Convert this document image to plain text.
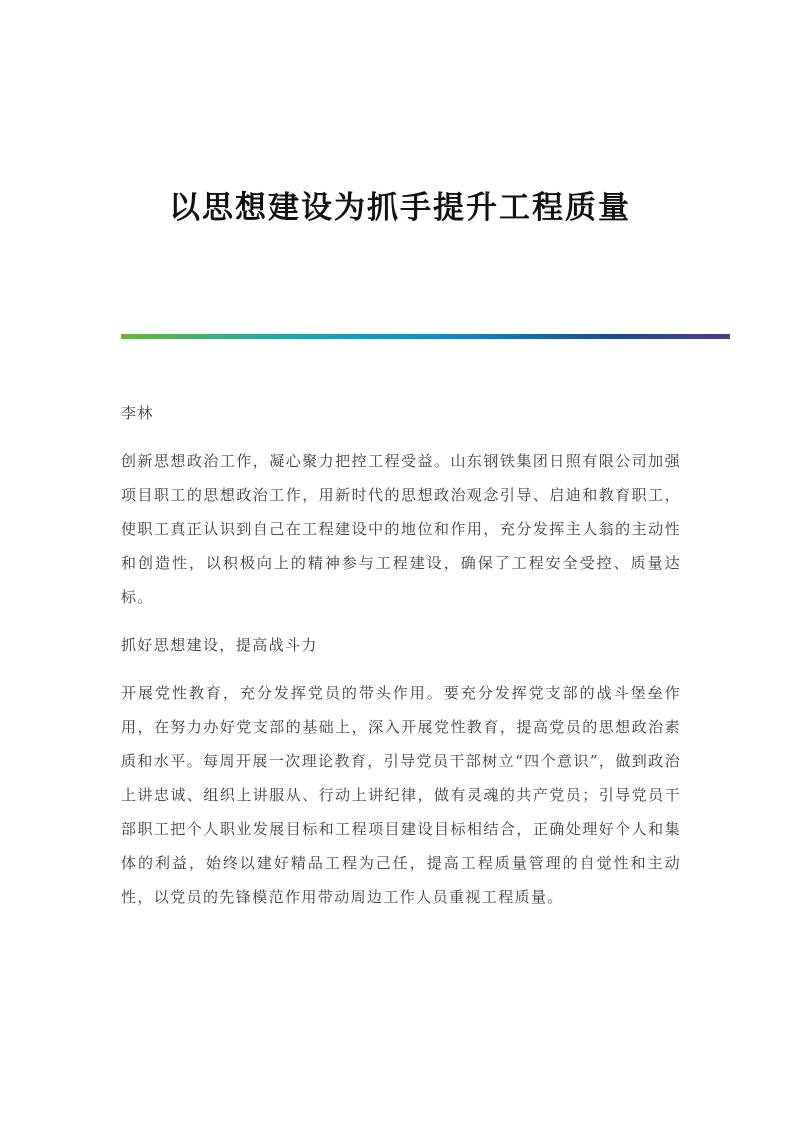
以思想建设为抓手提升工程质量

李林

创新思想政治工作，凝心聚力把控工程受益。山东钢铁集团日照有限公司加强项目职工的思想政治工作，用新时代的思想政治观念引导、启迪和教育职工，使职工真正认识到自己在工程建设中的地位和作用，充分发挥主人翁的主动性和创造性，以积极向上的精神参与工程建设，确保了工程安全受控、质量达标。

抓好思想建设，提高战斗力

开展党性教育，充分发挥党员的带头作用。要充分发挥党支部的战斗堡垒作用，在努力办好党支部的基础上，深入开展党性教育，提高党员的思想政治素质和水平。每周开展一次理论教育，引导党员干部树立“四个意识”，做到政治上讲忠诚、组织上讲服从、行动上讲纪律，做有灵魂的共产党员；引导党员干部职工把个人职业发展目标和工程项目建设目标相结合，正确处理好个人和集体的利益，始终以建好精品工程为己任，提高工程质量管理的自觉性和主动性，以党员的先锋模范作用带动周边工作人员重视工程质量。
